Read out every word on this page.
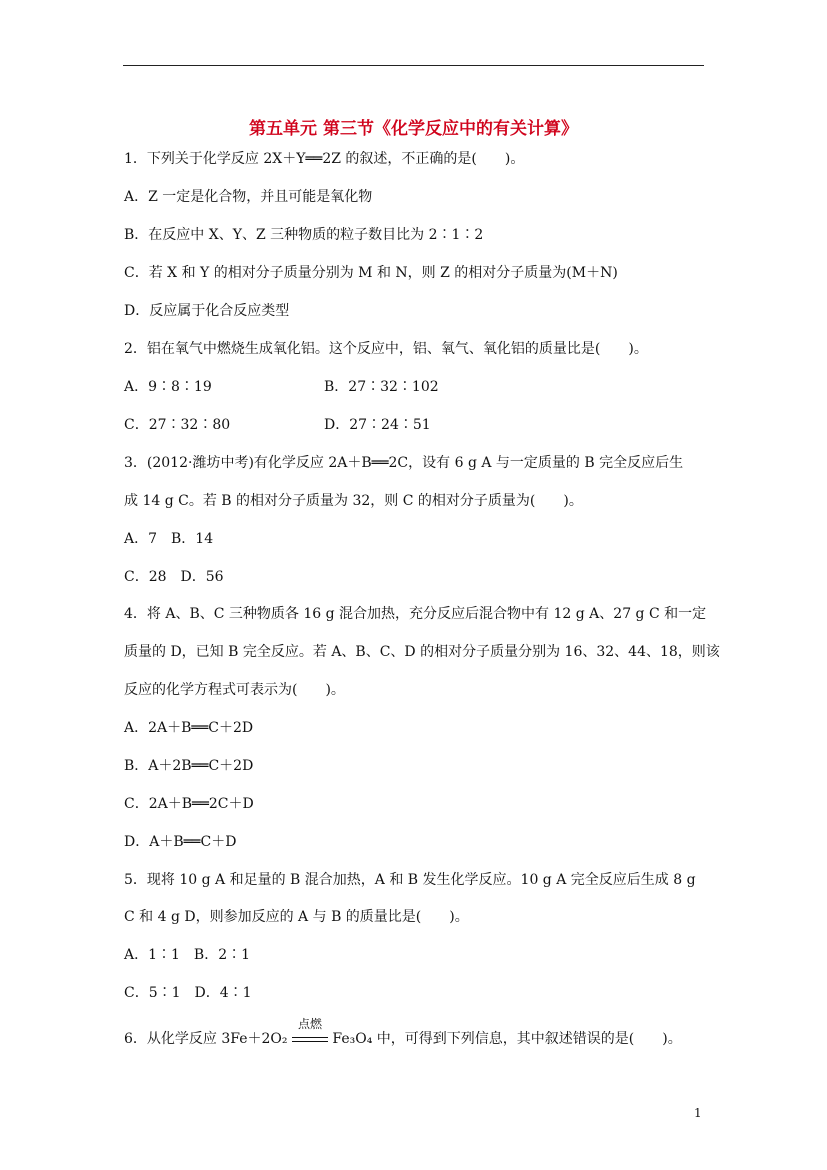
第五单元 第三节《化学反应中的有关计算》
1．下列关于化学反应 2X＋Y══2Z 的叙述，不正确的是(　　)。
A．Z 一定是化合物，并且可能是氧化物
B．在反应中 X、Y、Z 三种物质的粒子数目比为 2∶1∶2
C．若 X 和 Y 的相对分子质量分别为 M 和 N，则 Z 的相对分子质量为(M＋N)
D．反应属于化合反应类型
2．铝在氧气中燃烧生成氧化铝。这个反应中，铝、氧气、氧化铝的质量比是(　　)。
A．9∶8∶19	B．27∶32∶102
C．27∶32∶80	D．27∶24∶51
3．(2012·潍坊中考)有化学反应 2A＋B══2C，设有 6 g A 与一定质量的 B 完全反应后生
成 14 g C。若 B 的相对分子质量为 32，则 C 的相对分子质量为(　　)。
A．7　B．14
C．28　D．56
4．将 A、B、C 三种物质各 16 g 混合加热，充分反应后混合物中有 12 g A、27 g C 和一定
质量的 D，已知 B 完全反应。若 A、B、C、D 的相对分子质量分别为 16、32、44、18，则该
反应的化学方程式可表示为(　　)。
A．2A＋B══C＋2D
B．A＋2B══C＋2D
C．2A＋B══2C＋D
D．A＋B══C＋D
5．现将 10 g A 和足量的 B 混合加热，A 和 B 发生化学反应。10 g A 完全反应后生成 8 g
C 和 4 g D，则参加反应的 A 与 B 的质量比是(　　)。
A．1∶1　B．2∶1
C．5∶1　D．4∶1
6．从化学反应 3Fe＋2O₂
点燃
Fe₃O₄ 中，可得到下列信息，其中叙述错误的是(　　)。
1
